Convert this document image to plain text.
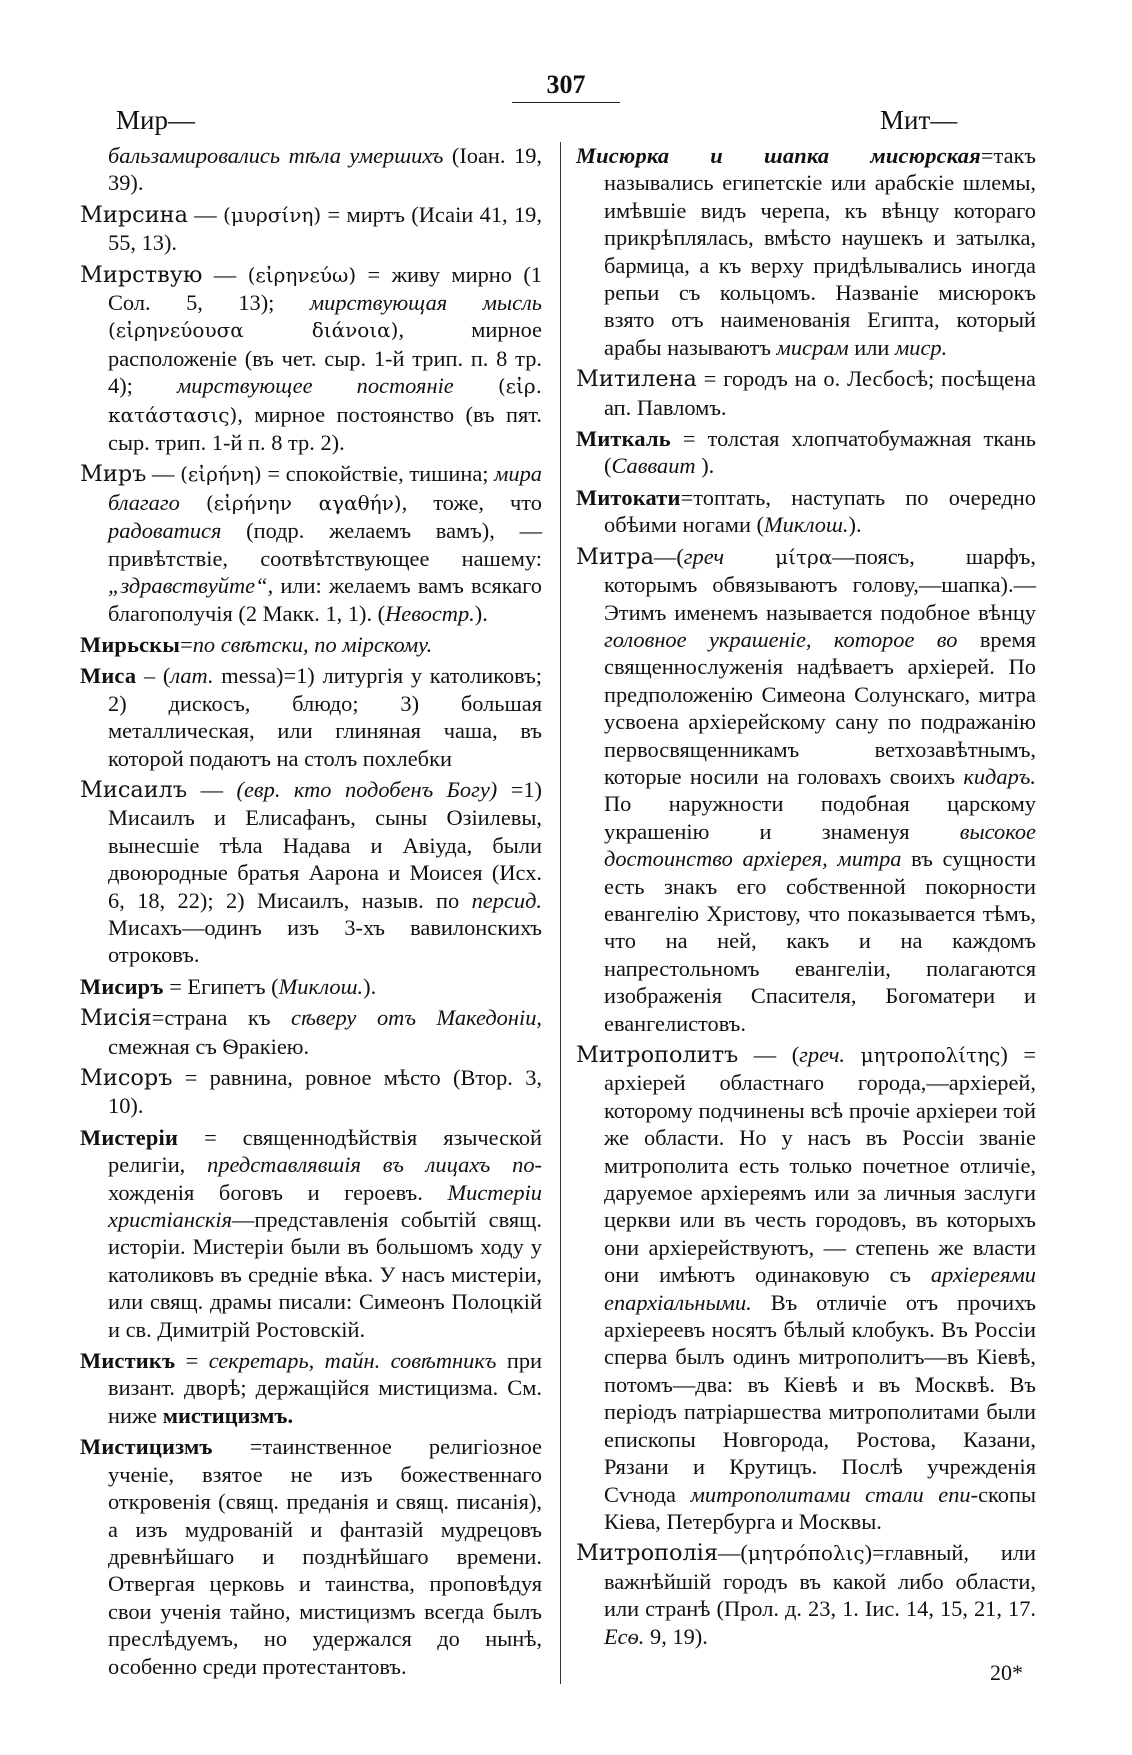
307
Мир—	Мит—

бальзамировались тѣла умершихъ (Іоан. 19, 39).

Мирсина — (μυρσίνη) = миртъ (Исаiи 41, 19, 55, 13).

Мирствую — (εἰρηνεύω) = живу мирно (1 Сол. 5, 13); мирствующая мысль (εἰρηνεύουσα διάνοια), мирное расположеніе (въ чет. сыр. 1-й трип. п. 8 тр. 4); мирствующее постояніе (εἰρ. κατάστασις), мирное постоянство (въ пят. сыр. трип. 1-й п. 8 тр. 2).

Миръ — (εἰρήνη) = спокойствіе, тишина; мира благаго (εἰρήνην αγαθήν), тоже, что радоватися (подр. желаемъ вамъ), — привѣтствіе, соотвѣтствующее нашему: „здравствуйте“, или: желаемъ вамъ всякаго благополучія (2 Макк. 1, 1). (Невостр.).

Мирьскы=по свѣтски, по мірскому.

Миса – (лат. messa)=1) литургія у католиковъ; 2) дискосъ, блюдо; 3) большая металлическая, или глиняная чаша, въ которой подаютъ на столъ похлебки

Мисаилъ — (евр. кто подобенъ Богу) =1) Мисаилъ и Елисафанъ, сыны Озіилевы, вынесшіе тѣла Надава и Авіуда, были двоюродные братья Аарона и Моисея (Исх. 6, 18, 22); 2) Мисаилъ, назыв. по персид. Мисахъ—одинъ изъ 3-хъ вавилонскихъ отроковъ.

Мисиръ = Египетъ (Миклош.).

Мисія=страна къ сѣверу отъ Македоніи, смежная съ Ѳракіею.

Мисоръ = равнина, ровное мѣсто (Втор. 3, 10).

Мистеріи = священнодѣйствія языческой религіи, представлявшія въ лицахъ по-хожденія боговъ и героевъ. Мистеріи христіанскія—представленія событій свящ. исторіи. Мистеріи были въ большомъ ходу у католиковъ въ средніе вѣка. У насъ мистеріи, или свящ. драмы писали: Симеонъ Полоцкій и св. Димитрій Ростовскій.

Мистикъ = секретарь, тайн. совѣтникъ при визант. дворѣ; держащійся мистицизма. См. ниже мистицизмъ.

Мистицизмъ =таинственное религіозное ученіе, взятое не изъ божественнаго откровенія (свящ. преданія и свящ. писанія), а изъ мудрованій и фантазій мудрецовъ древнѣйшаго и позднѣйшаго времени. Отвергая церковь и таинства, проповѣдуя свои ученія тайно, мистицизмъ всегда былъ преслѣдуемъ, но удержался до нынѣ, особенно среди протестантовъ.

Мисюрка и шапка мисюрская=такъ назывались египетскіе или арабскіе шлемы, имѣвшіе видъ черепа, къ вѣнцу котораго прикрѣплялась, вмѣсто наушекъ и затылка, бармица, а къ верху придѣлывались иногда репьи съ кольцомъ. Названіе мисюрокъ взято отъ наименованія Египта, который арабы называютъ мисрам или миср.

Митилена = городъ на о. Лесбосѣ; посѣщена ап. Павломъ.

Миткаль = толстая хлопчатобумажная ткань (Савваит ).

Митокати=топтать, наступать по очередно обѣими ногами (Миклош.).

Митра—(греч	μίτρα—поясъ, шарфъ, которымъ обвязываютъ голову,—шапка).— Этимъ именемъ называется подобное вѣнцу головное украшеніе, которое во время священнослуженія надѣваетъ архіерей. По предположенію Симеона Солунскаго, митра усвоена архіерейскому сану по подражанію первосвященникамъ ветхозавѣтнымъ, которые носили на головахъ своихъ кидаръ. По наружности подобная царскому украшенію и знаменуя высокое достоинство архіерея, митра въ сущности есть знакъ его собственной покорности евангелію Христову, что показывается тѣмъ, что на ней, какъ и на каждомъ напрестольномъ евангеліи, полагаются изображенія Спасителя, Богоматери и евангелистовъ.

Митрополитъ — (греч. μητροπολίτης) = архіерей областнаго города,—архіерей, которому подчинены всѣ прочіе архіереи той же области. Но у насъ въ Россіи званіе митрополита есть только почетное отличіе, даруемое архіереямъ или за личныя заслуги церкви или въ честь городовъ, въ которыхъ они архіерействуютъ, — степень же власти они имѣютъ одинаковую съ архіереями епархіальными. Въ отличіе отъ прочихъ архіереевъ носятъ бѣлый клобукъ. Въ Россіи сперва былъ одинъ митрополитъ—въ Кіевѣ, потомъ—два: въ Кіевѣ и въ Москвѣ. Въ періодъ патріаршества митрополитами были епископы Новгорода, Ростова, Казани, Рязани и Крутицъ. Послѣ учрежденія Сѵнода митрополитами стали епи-скопы Кіева, Петербурга и Москвы.

Митрополія—(μητρόπολις)=главный, или важнѣйшій городъ въ какой либо области, или странѣ (Прол. д. 23, 1. Іис. 14, 15, 21, 17. Есѳ. 9, 19).

20*
